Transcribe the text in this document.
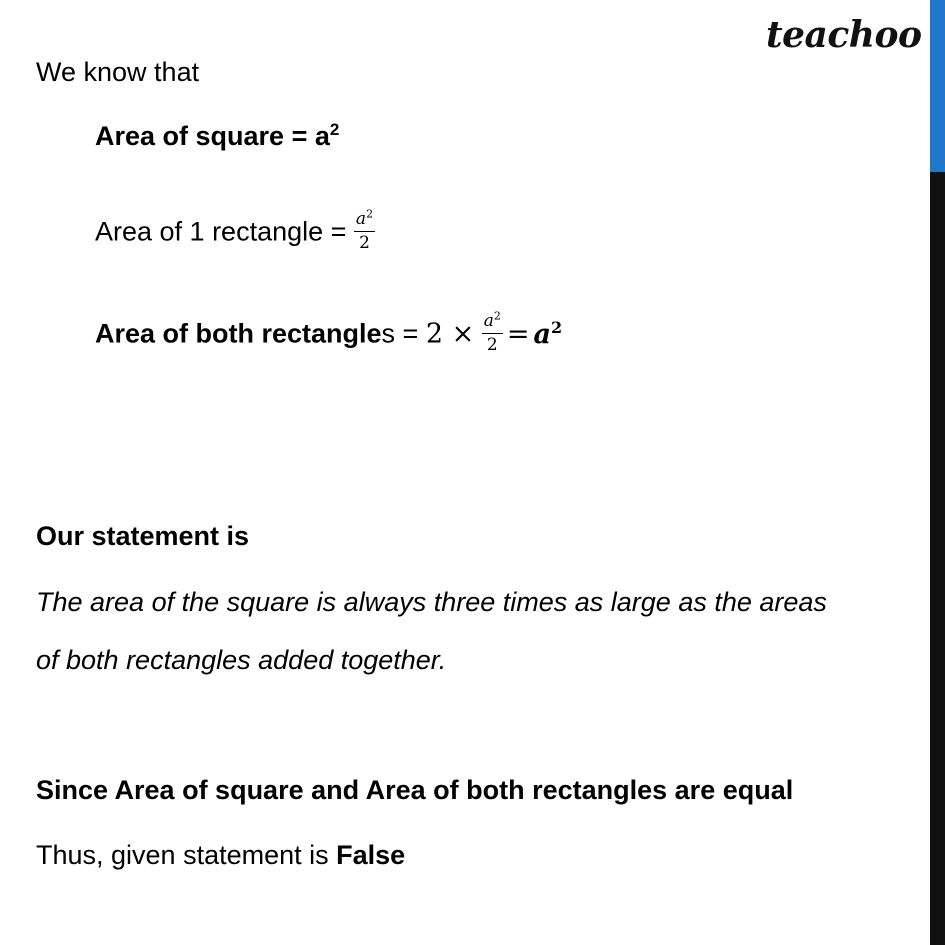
teachoo
We know that
Area of square = $a^2$
Area of 1 rectangle = $\frac{a^2}{2}$
Area of both rectangles = $2 \times \frac{a^2}{2} = a^2$
Our statement is
The area of the square is always three times as large as the areas
of both rectangles added together.
Since Area of square and Area of both rectangles are equal
Thus, given statement is False
